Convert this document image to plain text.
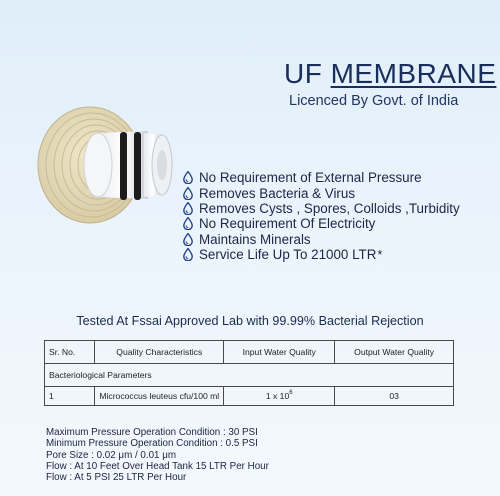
UF MEMBRANE
Licenced By Govt. of India
No Requirement of External Pressure
Removes Bacteria & Virus
Removes Cysts , Spores, Colloids ,Turbidity
No Requirement Of Electricity
Maintains Minerals
Service Life Up To 21000 LTR *
Tested At Fssai Approved Lab with 99.99% Bacterial Rejection
Sr. No.	Quality Characteristics	Input Water Quality	Output Water Quality
Bacteriological Parameters			
1	Micrococcus leuteus cfu/100 ml	1 x $10^6$	03
Maximum Pressure Operation Condition : 30 PSI
Minimum Pressure Operation Condition : 0.5 PSI
Pore Size : 0.02 μm / 0.01 μm
Flow : At 10 Feet Over Head Tank 15 LTR Per Hour
Flow : At 5 PSI 25 LTR Per Hour
